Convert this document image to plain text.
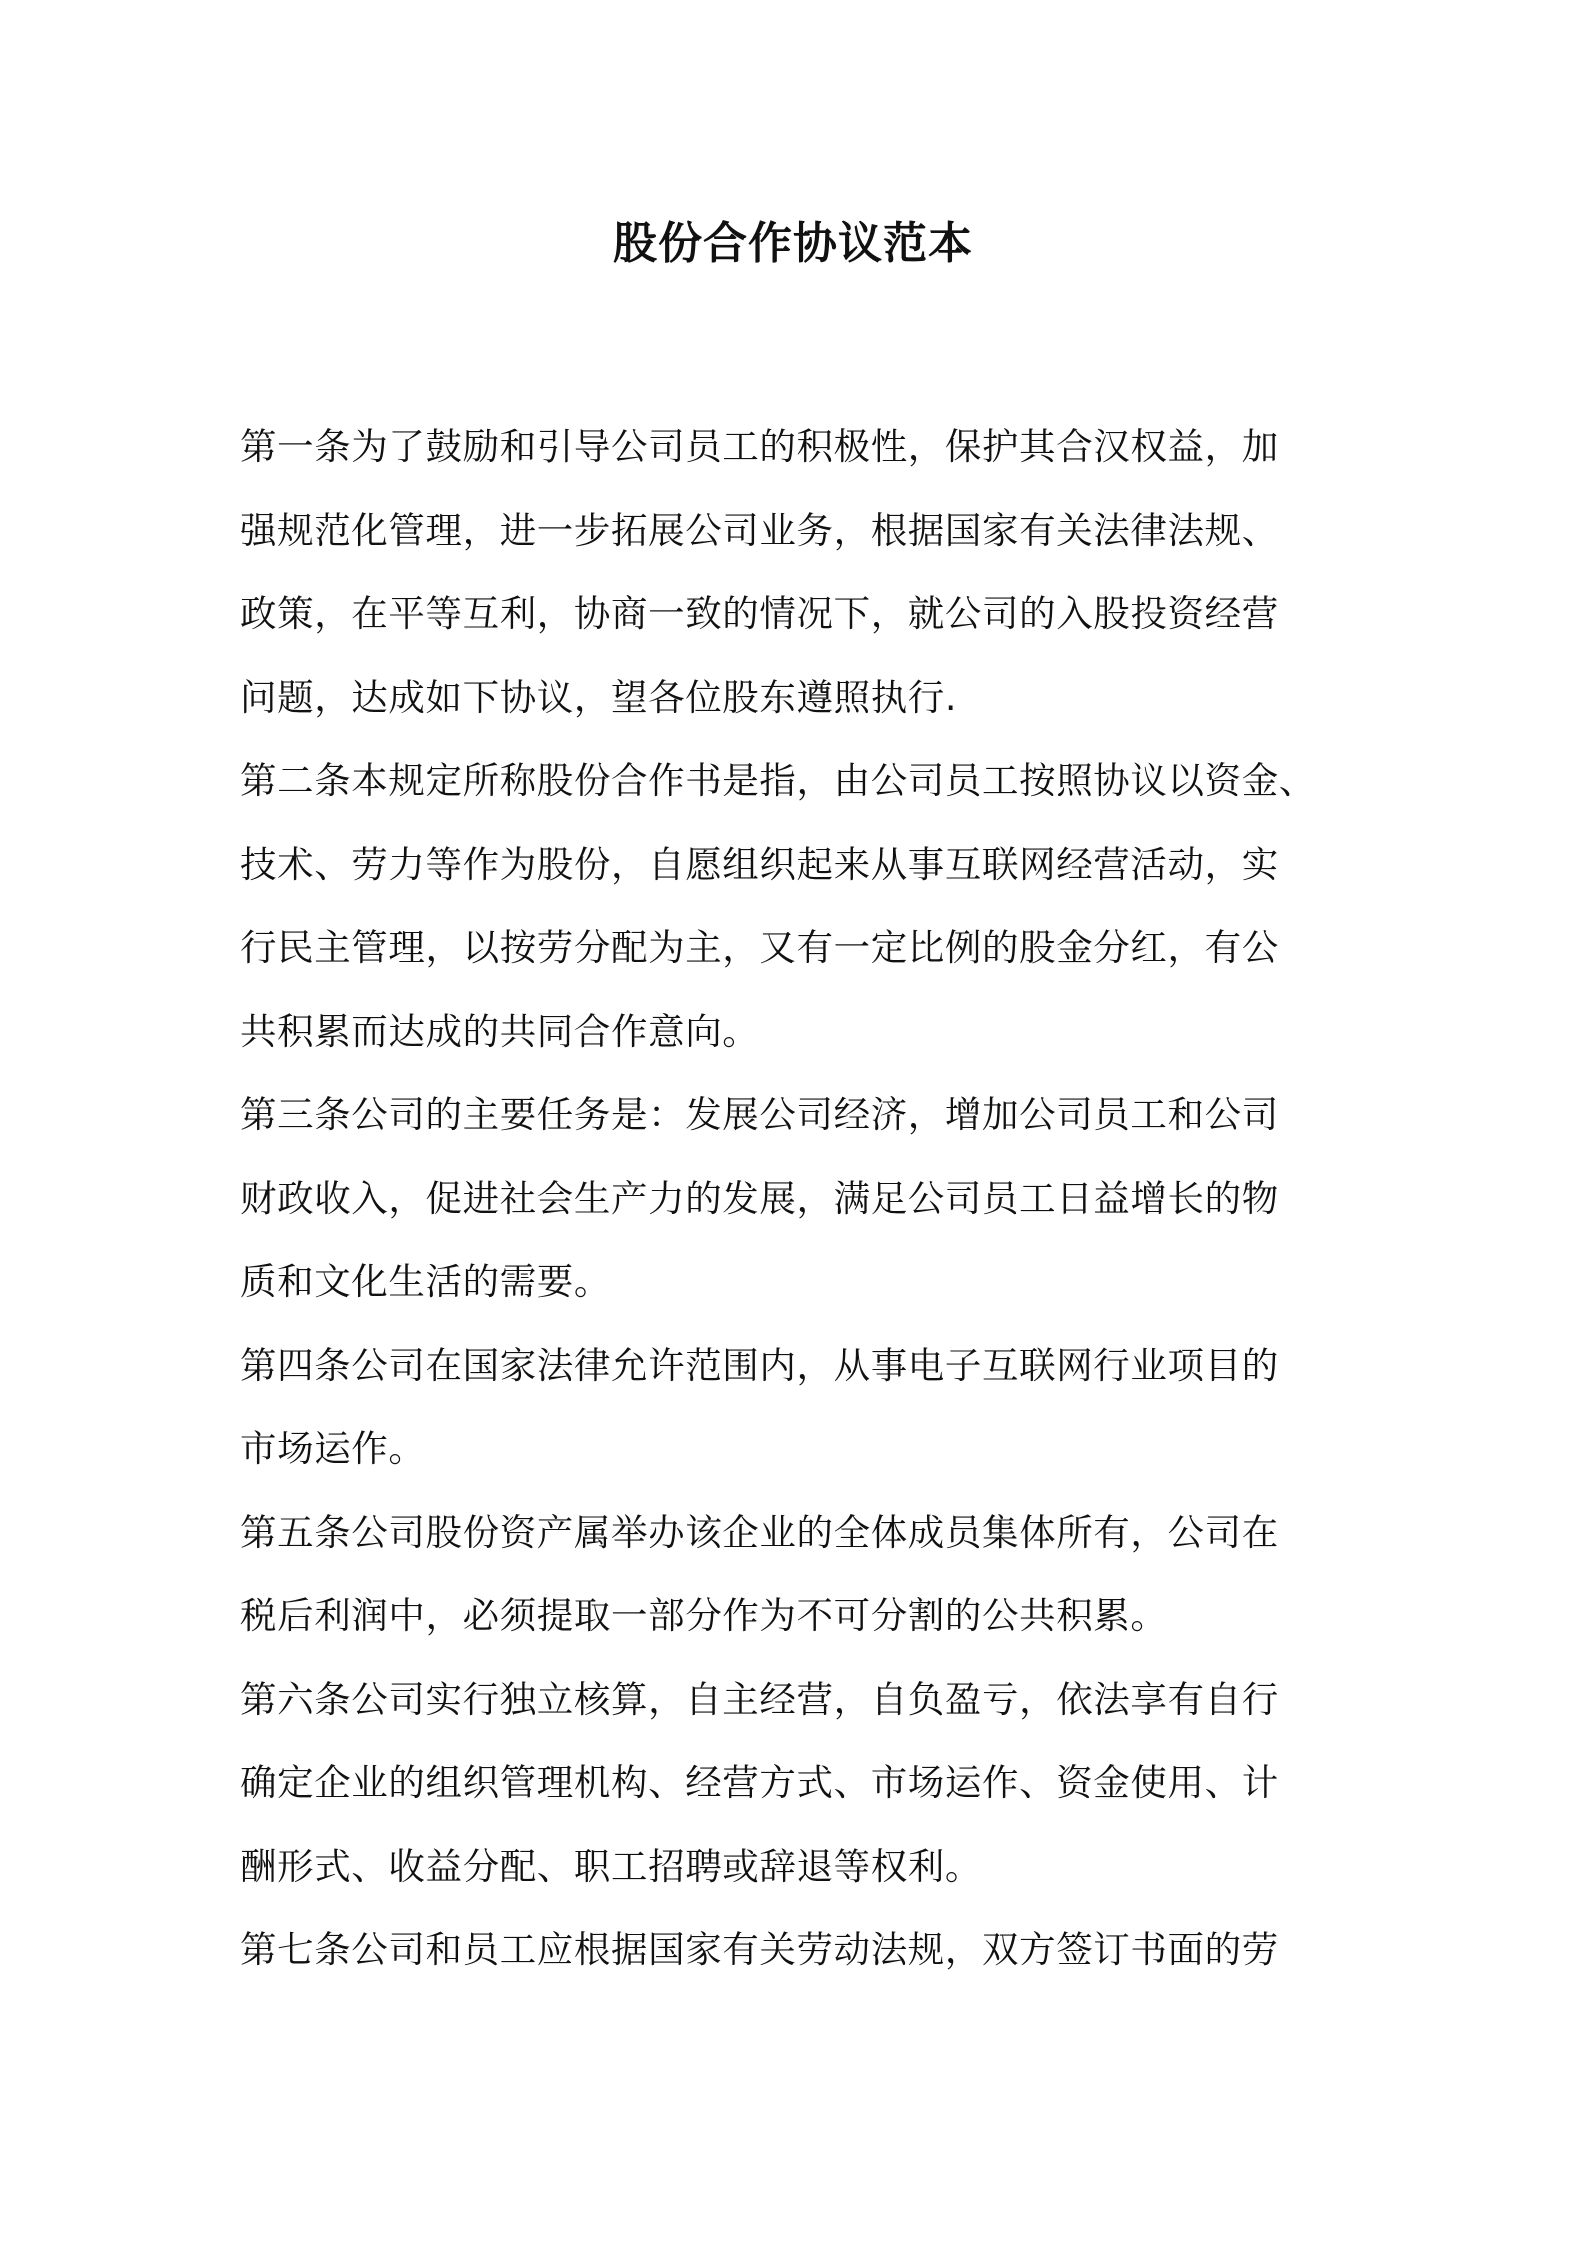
股份合作协议范本
第一条为了鼓励和引导公司员工的积极性，保护其合汉权益，加
强规范化管理，进一步拓展公司业务，根据国家有关法律法规、
政策，在平等互利，协商一致的情况下，就公司的入股投资经营
问题，达成如下协议，望各位股东遵照执行.
第二条本规定所称股份合作书是指，由公司员工按照协议以资金、
技术、劳力等作为股份，自愿组织起来从事互联网经营活动，实
行民主管理，以按劳分配为主，又有一定比例的股金分红，有公
共积累而达成的共同合作意向。
第三条公司的主要任务是：发展公司经济，增加公司员工和公司
财政收入，促进社会生产力的发展，满足公司员工日益增长的物
质和文化生活的需要。
第四条公司在国家法律允许范围内，从事电子互联网行业项目的
市场运作。
第五条公司股份资产属举办该企业的全体成员集体所有，公司在
税后利润中，必须提取一部分作为不可分割的公共积累。
第六条公司实行独立核算，自主经营，自负盈亏，依法享有自行
确定企业的组织管理机构、经营方式、市场运作、资金使用、计
酬形式、收益分配、职工招聘或辞退等权利。
第七条公司和员工应根据国家有关劳动法规，双方签订书面的劳
